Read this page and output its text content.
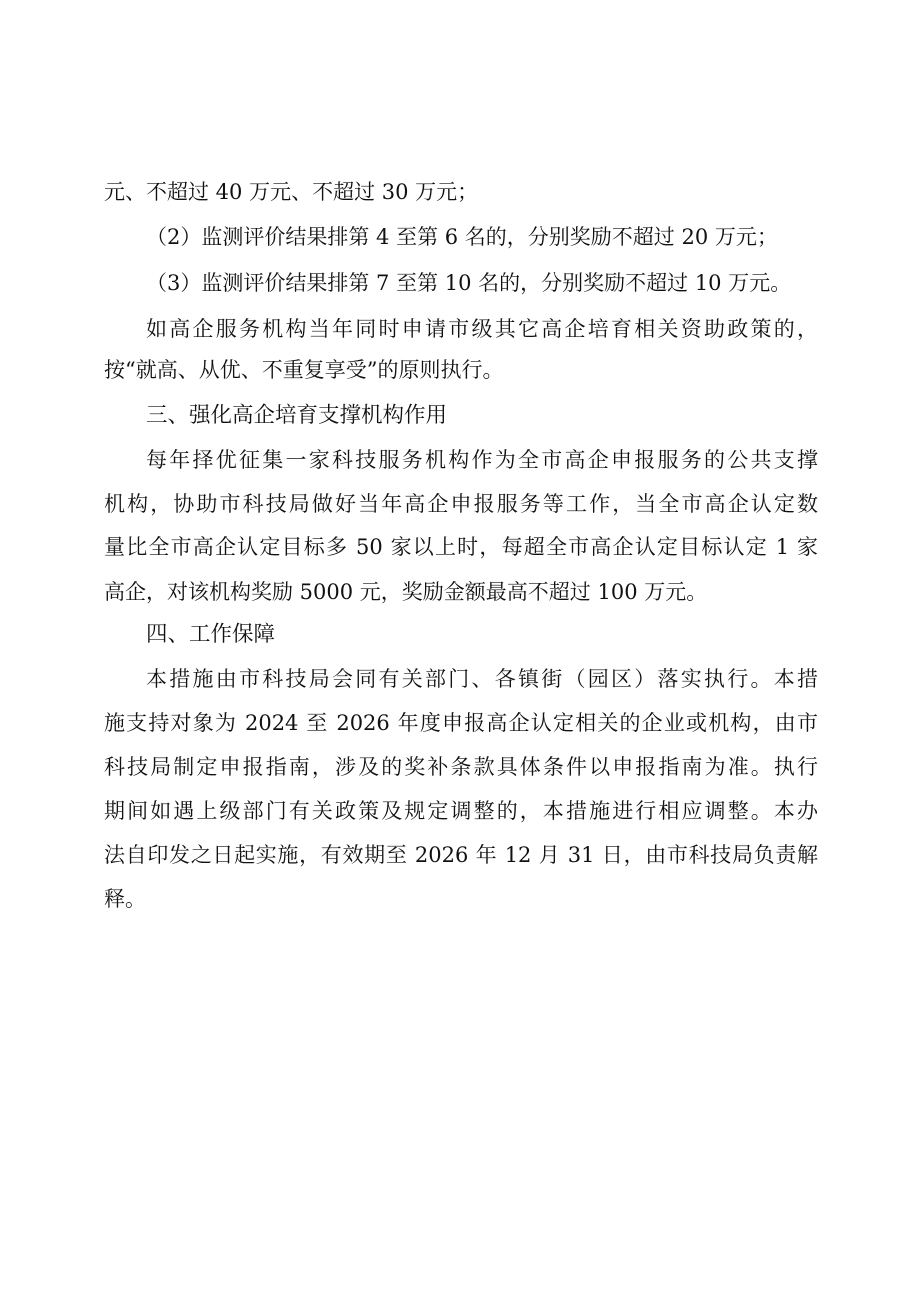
元、不超过 40 万元、不超过 30 万元；
（2）监测评价结果排第 4 至第 6 名的，分别奖励不超过 20 万元；
（3）监测评价结果排第 7 至第 10 名的，分别奖励不超过 10 万元。
如高企服务机构当年同时申请市级其它高企培育相关资助政策的，
按“就高、从优、不重复享受”的原则执行。
三、强化高企培育支撑机构作用
每年择优征集一家科技服务机构作为全市高企申报服务的公共支撑
机构，协助市科技局做好当年高企申报服务等工作，当全市高企认定数
量比全市高企认定目标多 50 家以上时，每超全市高企认定目标认定 1 家
高企，对该机构奖励 5000 元，奖励金额最高不超过 100 万元。
四、工作保障
本措施由市科技局会同有关部门、各镇街（园区）落实执行。本措
施支持对象为 2024 至 2026 年度申报高企认定相关的企业或机构，由市
科技局制定申报指南，涉及的奖补条款具体条件以申报指南为准。执行
期间如遇上级部门有关政策及规定调整的，本措施进行相应调整。本办
法自印发之日起实施，有效期至 2026 年 12 月 31 日，由市科技局负责解
释。
